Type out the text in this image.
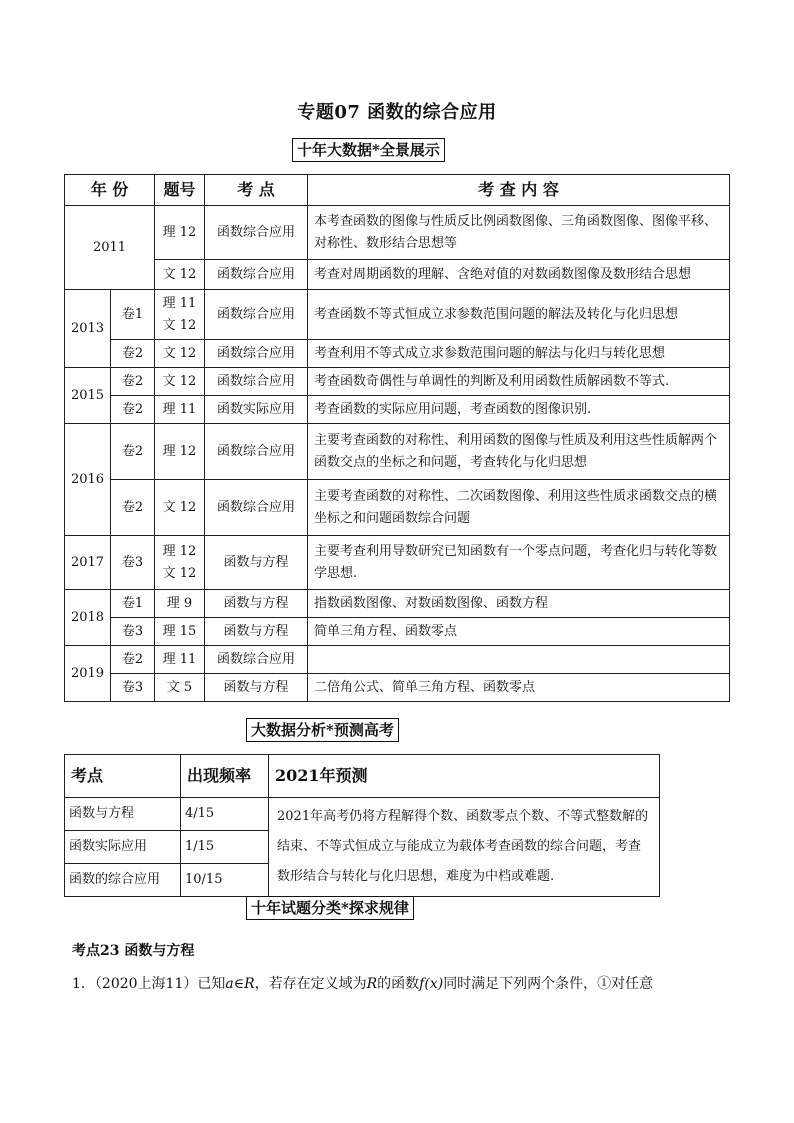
专题07 函数的综合应用
十年大数据*全景展示
年 份		题号	考 点	考 查 内 容
2011		理 12	函数综合应用	本考查函数的图像与性质反比例函数图像、三角函数图像、图像平移、对称性、数形结合思想等
		文 12	函数综合应用	考查对周期函数的理解、含绝对值的对数函数图像及数形结合思想
2013	卷1	理 11 文 12	函数综合应用	考查函数不等式恒成立求参数范围问题的解法及转化与化归思想
	卷2	文 12	函数综合应用	考查利用不等式成立求参数范围问题的解法与化归与转化思想
2015	卷2	文 12	函数综合应用	考查函数奇偶性与单调性的判断及利用函数性质解函数不等式.
	卷2	理 11	函数实际应用	考查函数的实际应用问题，考查函数的图像识别.
2016	卷2	理 12	函数综合应用	主要考查函数的对称性、利用函数的图像与性质及利用这些性质解两个函数交点的坐标之和问题，考查转化与化归思想
	卷2	文 12	函数综合应用	主要考查函数的对称性、二次函数图像、利用这些性质求函数交点的横坐标之和问题函数综合问题
2017	卷3	理 12 文 12	函数与方程	主要考查利用导数研究已知函数有一个零点问题，考查化归与转化等数学思想.
2018	卷1	理 9	函数与方程	指数函数图像、对数函数图像、函数方程
	卷3	理 15	函数与方程	简单三角方程、函数零点
2019	卷2	理 11	函数综合应用	
	卷3	文 5	函数与方程	二倍角公式、简单三角方程、函数零点
大数据分析*预测高考
考点	出现频率	2021年预测
函数与方程	4/15	2021年高考仍将方程解得个数、函数零点个数、不等式整数解的结束、不等式恒成立与能成立为载体考查函数的综合问题，考查数形结合与转化与化归思想，难度为中档或难题.
函数实际应用	1/15	
函数的综合应用	10/15	
十年试题分类*探求规律
考点23 函数与方程
1．（2020上海11）已知a∈R，若存在定义域为R的函数f(x)同时满足下列两个条件，①对任意
